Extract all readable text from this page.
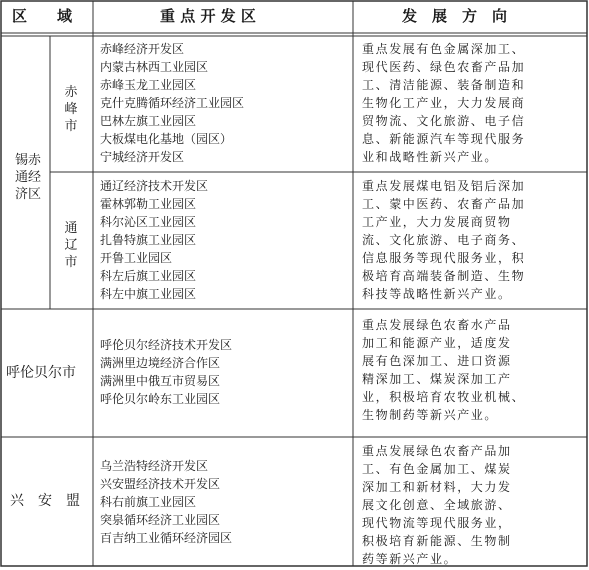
区　　域	重 点 开 发 区	发　展　方　向
锡赤通经济区
赤峰市
赤峰经济开发区
内蒙古林西工业园区
赤峰玉龙工业园区
克什克腾循环经济工业园区
巴林左旗工业园区
大板煤电化基地（园区）
宁城经济开发区
重点发展有色金属深加工、
现代医药、绿色农畜产品加
工、清洁能源、装备制造和
生物化工产业，大力发展商
贸物流、文化旅游、电子信
息、新能源汽车等现代服务
业和战略性新兴产业。
通辽市
通辽经济技术开发区
霍林郭勒工业园区
科尔沁区工业园区
扎鲁特旗工业园区
开鲁工业园区
科左后旗工业园区
科左中旗工业园区
重点发展煤电铝及铝后深加
工、蒙中医药、农畜产品加
工产业，大力发展商贸物
流、文化旅游、电子商务、
信息服务等现代服务业，积
极培育高端装备制造、生物
科技等战略性新兴产业。
呼伦贝尔市
呼伦贝尔经济技术开发区
满洲里边境经济合作区
满洲里中俄互市贸易区
呼伦贝尔岭东工业园区
重点发展绿色农畜水产品
加工和能源产业，适度发
展有色深加工、进口资源
精深加工、煤炭深加工产
业，积极培育农牧业机械、
生物制药等新兴产业。
兴　安　盟
乌兰浩特经济开发区
兴安盟经济技术开发区
科右前旗工业园区
突泉循环经济工业园区
百吉纳工业循环经济园区
重点发展绿色农畜产品加
工、有色金属加工、煤炭
深加工和新材料，大力发
展文化创意、全域旅游、
现代物流等现代服务业，
积极培育新能源、生物制
药等新兴产业。
